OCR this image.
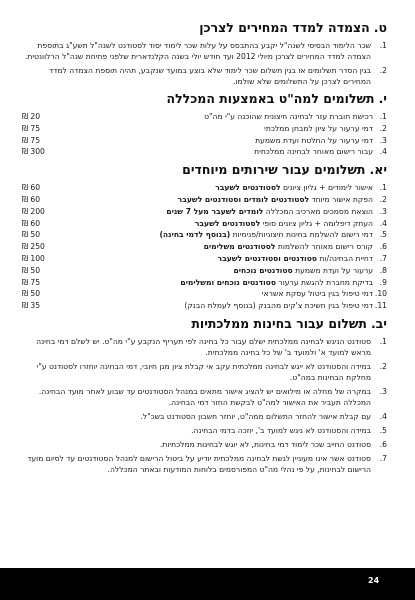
ט.
הצמדה למדד המחירים לצרכן
1.
שכר הלימוד הבסיסי לשנה"ל יקבע בהתבסס על עלות שכר לימוד יסוד לסטודנט לשנה"ל תשע"ג בתוספת הצמדה למדד המחירים לצרכן מיולי 2012 ועד חודש יולי בשנה הקלנדארית שלפני פתיחת שנה"ל הרלוונטית.
2.
בגין הסדר תשלומים או בגין תשלום שכר לימוד שלא בוצע במועד שנקבע, תהיה תוספת הצמדה למדד המחירים לצרכן על התשלומים שלא שולמו.
י.
תשלומים למה"ט באמצעות המכללה
1.
רכישת חוברת עזר לבחינה חיצונית שהוכנה ע"י מה"ט
20 ₪
2.
דמי ערעור על ציון למבחן ממלכתי
75 ₪
3.
דמי ערעור על החלטת ועדת משמעת
75 ₪
4.
עבור רישום מאוחר לבחינה ממלכתית
300 ₪
יא.
תשלומים עבור שירותים מיוחדים
1.
אישור לימודים + גליון ציונים לסטודנטים לשעבר
60 ₪
2.
הפקת אישור מיוחד לסטודנטים לומדים וסטודנטים לשעבר
60 ₪
3.
הוצאת מסמכים מארכיב המכללה לומדים לשעבר מעל 7 שנים
200 ₪
4.
העתק דיפלומה + גליון ציונים סופי לסטודנטים לשעבר
60 ₪
5.
דמי רישום להשלמת בחינות חיצוניות/פנימיות (בנוסף לדמי בחינה)
50 ₪
6.
קורס רישום מאוחר להשלמות לסטודנטים משלימים
250 ₪
7.
דחיית הבחינה/ות סטודנטים וסטודנטים לשעבר
100 ₪
8.
ערעור על ועדת משמעת סטודנטים נוכחים
50 ₪
9.
בדיקת מחברת להגשת ערעור סטודנטים נוכחים ומשלימים
75 ₪
10.
דמי טיפול בגין ביטול עסקת אשראי
50 ₪
11.
דמי טיפול בגין חשיכת צ'קים מהבנק (בנוסף לעמלת הבנק)
35 ₪
יב.
תשלום עבור בחינות ממלכתיות
1.
סטודנט הניגש לבחינה ממלכתית ישלם עבור כל בחינה לפי תעריף הנקבע ע"י מה"ט. יש לשלם דמי בחינה מראש למועד א' ולמועד ב' של כל בחינה ממלכתית.
2.
במידה והסטודנט לא ייגש לבחינה ממלכתית עקב אי קבלת ציון מגן חיובי, דמי הבחינה יוחזרו לסטודנט ע"י מחלקת הבחינות במה"ט.
3.
במקרה של מחלה או מילואים יש להציג אישור מתאים במנהל הסטודנטים עד שבוע לאחר מועד הבחינה. המכללה תעביר את האישור למה"ט לבקשת החזר דמי הבחינה.
4.
עם קבלת אישור להחזר התשלום ממה"ט, יוחזר חשבון הסטודנט בשכ"ל.
5.
במידה והסטודנט לא ניגש למועד ב', יוזכה בדמי הבחינה.
6.
סטודנט החייב שכר לימוד דמי בחינות, לא יוגש לבחינות ממלכתיות.
7.
סטודנט אשר אינו מעוניין לגשת לבחינה ממלכתית יודיע על ביטול הרישום למנהל הסטודנטים עד לסיום מועד הרישום לבחינות, על פי נהלי מה"ט המפורסמים בלוחות המודעות ובאתר המכללה.
24
